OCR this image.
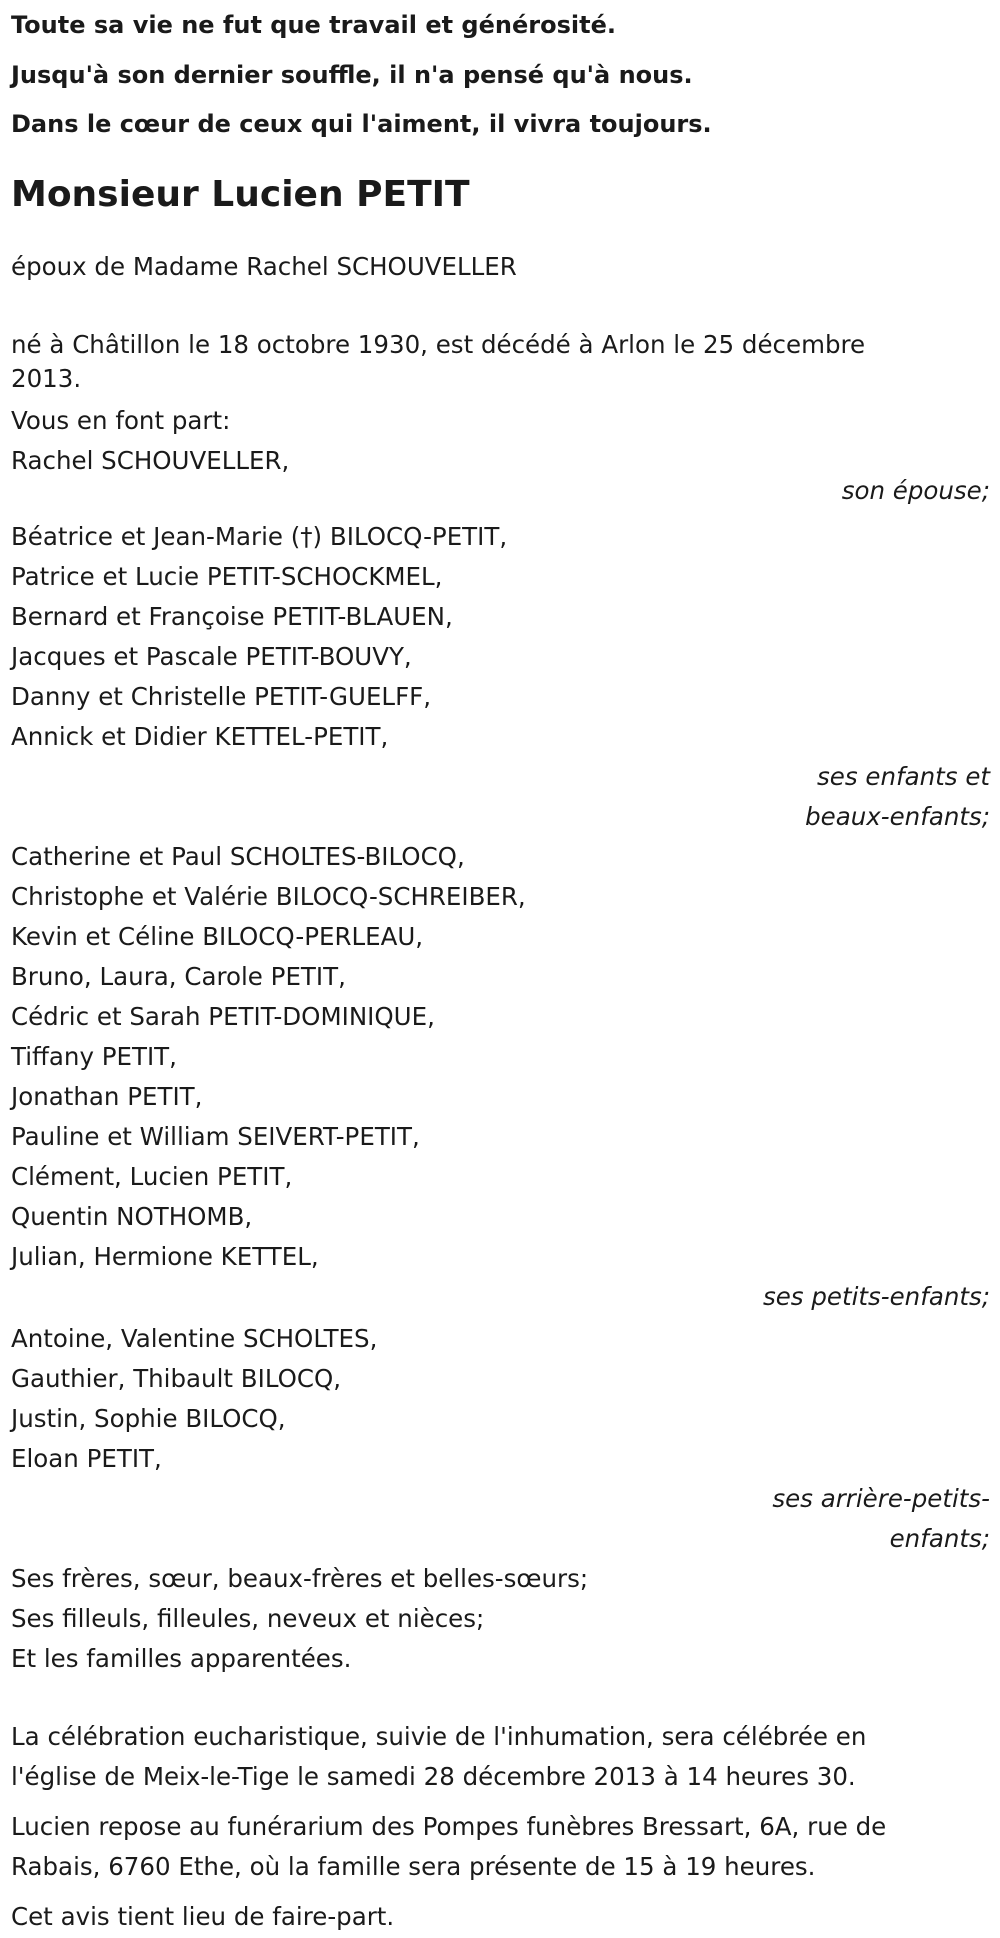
Toute sa vie ne fut que travail et générosité.

Jusqu'à son dernier souffle, il n'a pensé qu'à nous.

Dans le cœur de ceux qui l'aiment, il vivra toujours.

Monsieur Lucien PETIT

époux de Madame Rachel SCHOUVELLER

né à Châtillon le 18 octobre 1930, est décédé à Arlon le 25 décembre

2013.

Vous en font part:

Rachel SCHOUVELLER,

son épouse;

Béatrice et Jean-Marie (†) BILOCQ-PETIT,

Patrice et Lucie PETIT-SCHOCKMEL,

Bernard et Françoise PETIT-BLAUEN,

Jacques et Pascale PETIT-BOUVY,

Danny et Christelle PETIT-GUELFF,

Annick et Didier KETTEL-PETIT,

ses enfants et
beaux-enfants;

Catherine et Paul SCHOLTES-BILOCQ,

Christophe et Valérie BILOCQ-SCHREIBER,

Kevin et Céline BILOCQ-PERLEAU,

Bruno, Laura, Carole PETIT,

Cédric et Sarah PETIT-DOMINIQUE,

Tiffany PETIT,

Jonathan PETIT,

Pauline et William SEIVERT-PETIT,

Clément, Lucien PETIT,

Quentin NOTHOMB,

Julian, Hermione KETTEL,

ses petits-enfants;

Antoine, Valentine SCHOLTES,

Gauthier, Thibault BILOCQ,

Justin, Sophie BILOCQ,

Eloan PETIT,

ses arrière-petits-
enfants;

Ses frères, sœur, beaux-frères et belles-sœurs;

Ses filleuls, filleules, neveux et nièces;

Et les familles apparentées.

La célébration eucharistique, suivie de l'inhumation, sera célébrée en

l'église de Meix-le-Tige le samedi 28 décembre 2013 à 14 heures 30.

Lucien repose au funérarium des Pompes funèbres Bressart, 6A, rue de

Rabais, 6760 Ethe, où la famille sera présente de 15 à 19 heures.

Cet avis tient lieu de faire-part.
